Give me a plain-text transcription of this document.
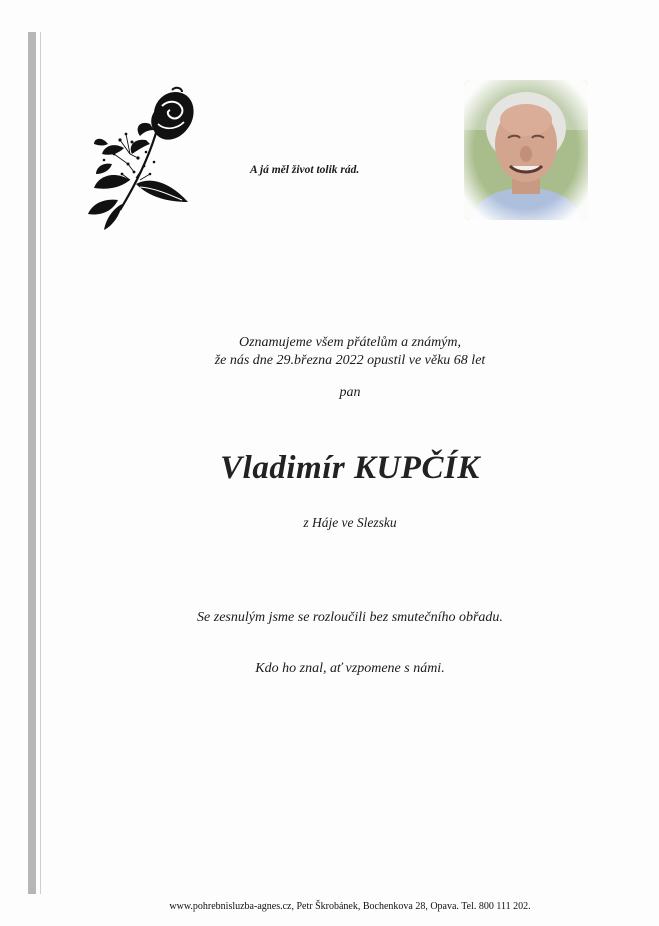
A já měl život tolik rád.
Oznamujeme všem přátelům a známým,
že nás dne 29.března 2022 opustil ve věku 68 let
pan
Vladimír KUPČÍK
z Háje ve Slezsku
Se zesnulým jsme se rozloučili bez smutečního obřadu.
Kdo ho znal, ať vzpomene s námi.
www.pohrebnisluzba-agnes.cz, Petr Škrobánek, Bochenkova 28, Opava. Tel. 800 111 202.
